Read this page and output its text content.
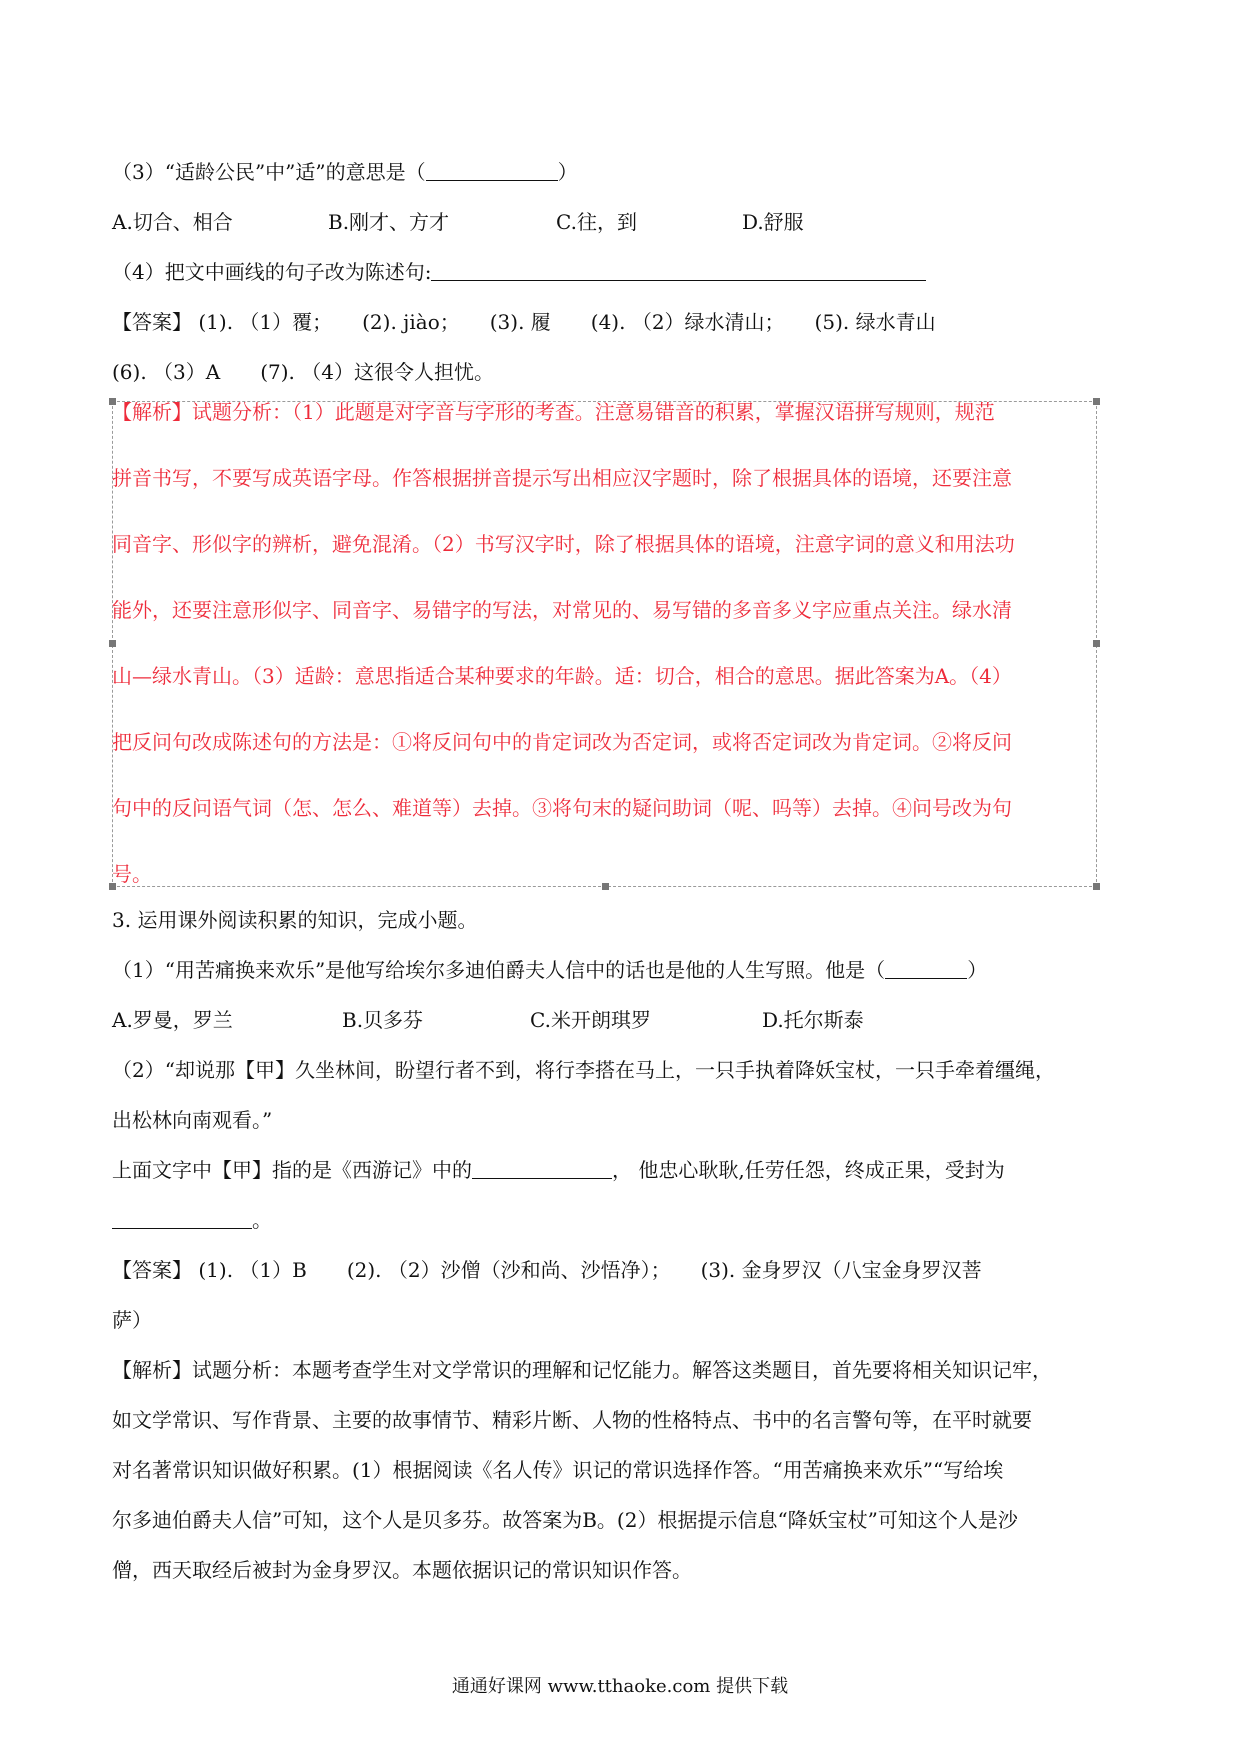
（3）“适龄公民”中”适”的意思是（	）
A.切合、相合	B.刚才、方才	C.往，到	D.舒服
（4）把文中画线的句子改为陈述句:
【答案】 (1). （1）覆；　　(2). jiào；　　(3). 履　　(4). （2）绿水清山；　　(5). 绿水青山
(6). （3）A　　(7). （4）这很令人担忧。
【解析】试题分析：（1）此题是对字音与字形的考查。注意易错音的积累，掌握汉语拼写规则，规范
拼音书写，不要写成英语字母。作答根据拼音提示写出相应汉字题时，除了根据具体的语境，还要注意
同音字、形似字的辨析，避免混淆。（2）书写汉字时，除了根据具体的语境，注意字词的意义和用法功
能外，还要注意形似字、同音字、易错字的写法，对常见的、易写错的多音多义字应重点关注。绿水清
山—绿水青山。（3）适龄：意思指适合某种要求的年龄。适：切合，相合的意思。据此答案为A。（4）
把反问句改成陈述句的方法是：①将反问句中的肯定词改为否定词，或将否定词改为肯定词。②将反问
句中的反问语气词（怎、怎么、难道等）去掉。③将句末的疑问助词（呢、吗等）去掉。④问号改为句
号。
3. 运用课外阅读积累的知识，完成小题。
（1）“用苦痛换来欢乐”是他写给埃尔多迪伯爵夫人信中的话也是他的人生写照。他是（	）
A.罗曼，罗兰	B.贝多芬	C.米开朗琪罗	D.托尔斯泰
（2）“却说那【甲】久坐林间，盼望行者不到，将行李搭在马上，一只手执着降妖宝杖，一只手牵着缰绳，
出松林向南观看。”
上面文字中【甲】指的是《西游记》中的	， 他忠心耿耿,任劳任怨，终成正果，受封为
。
【答案】 (1). （1）B　　(2). （2）沙僧（沙和尚、沙悟净）；　　(3). 金身罗汉（八宝金身罗汉菩
萨）
【解析】试题分析：本题考查学生对文学常识的理解和记忆能力。解答这类题目，首先要将相关知识记牢，
如文学常识、写作背景、主要的故事情节、精彩片断、人物的性格特点、书中的名言警句等，在平时就要
对名著常识知识做好积累。(1）根据阅读《名人传》识记的常识选择作答。“用苦痛换来欢乐”“写给埃
尔多迪伯爵夫人信”可知，这个人是贝多芬。故答案为B。(2）根据提示信息“降妖宝杖”可知这个人是沙
僧，西天取经后被封为金身罗汉。本题依据识记的常识知识作答。
通通好课网 www.tthaoke.com 提供下载
